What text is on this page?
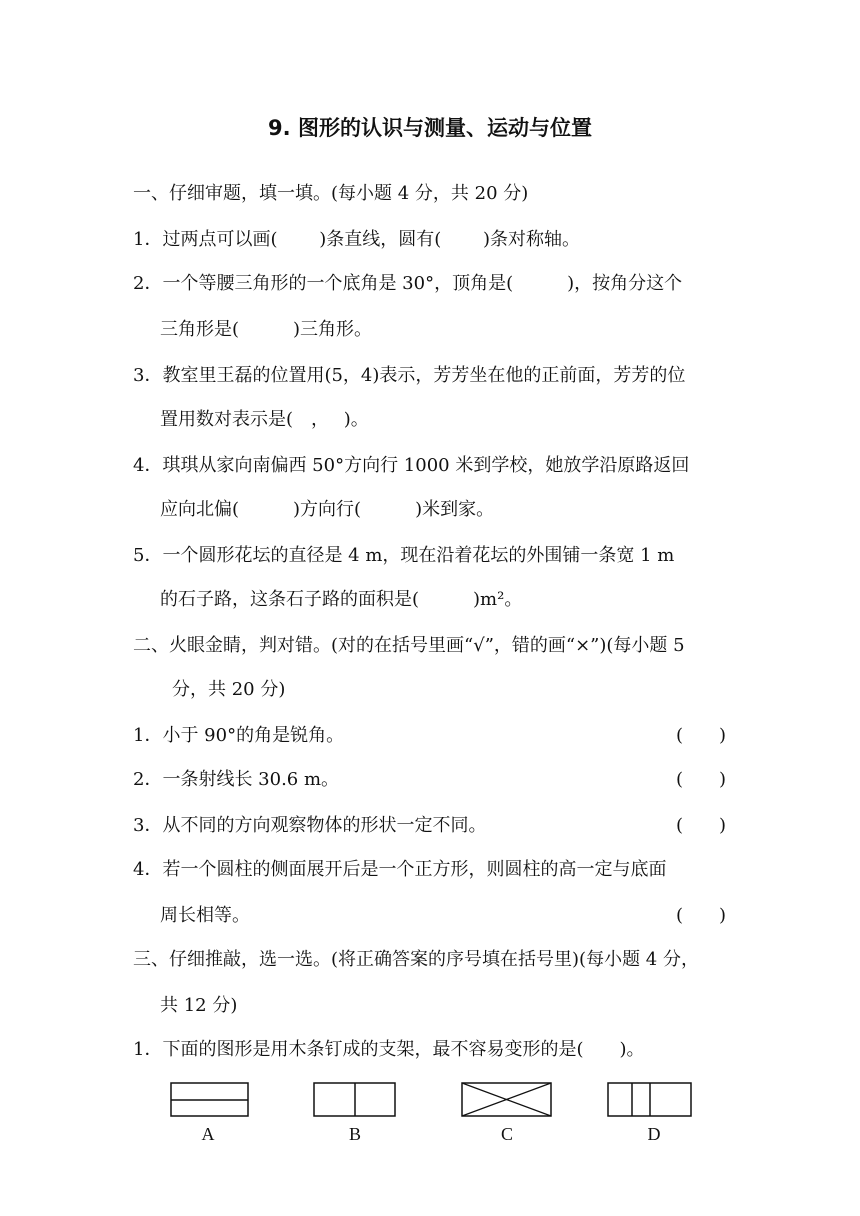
9. 图形的认识与测量、运动与位置
一、仔细审题，填一填。(每小题 4 分，共 20 分)
1．过两点可以画(　　 )条直线，圆有(　　 )条对称轴。
2．一个等腰三角形的一个底角是 30°，顶角是(　　　)，按角分这个
三角形是(　　　)三角形。
3．教室里王磊的位置用(5，4)表示，芳芳坐在他的正前面，芳芳的位
置用数对表示是(　，　 )。
4．琪琪从家向南偏西 50°方向行 1000 米到学校，她放学沿原路返回
应向北偏(　　　)方向行(　　　)米到家。
5．一个圆形花坛的直径是 4 m，现在沿着花坛的外围铺一条宽 1 m
的石子路，这条石子路的面积是(　　　)m²。
二、火眼金睛，判对错。(对的在括号里画“√”，错的画“×”)(每小题 5
分，共 20 分)
1．小于 90°的角是锐角。	(　　)
2．一条射线长 30.6 m。	(　　)
3．从不同的方向观察物体的形状一定不同。	(　　)
4．若一个圆柱的侧面展开后是一个正方形，则圆柱的高一定与底面
周长相等。	(　　)
三、仔细推敲，选一选。(将正确答案的序号填在括号里)(每小题 4 分，
共 12 分)
1．下面的图形是用木条钉成的支架，最不容易变形的是(　　)。
A	B	C	D
